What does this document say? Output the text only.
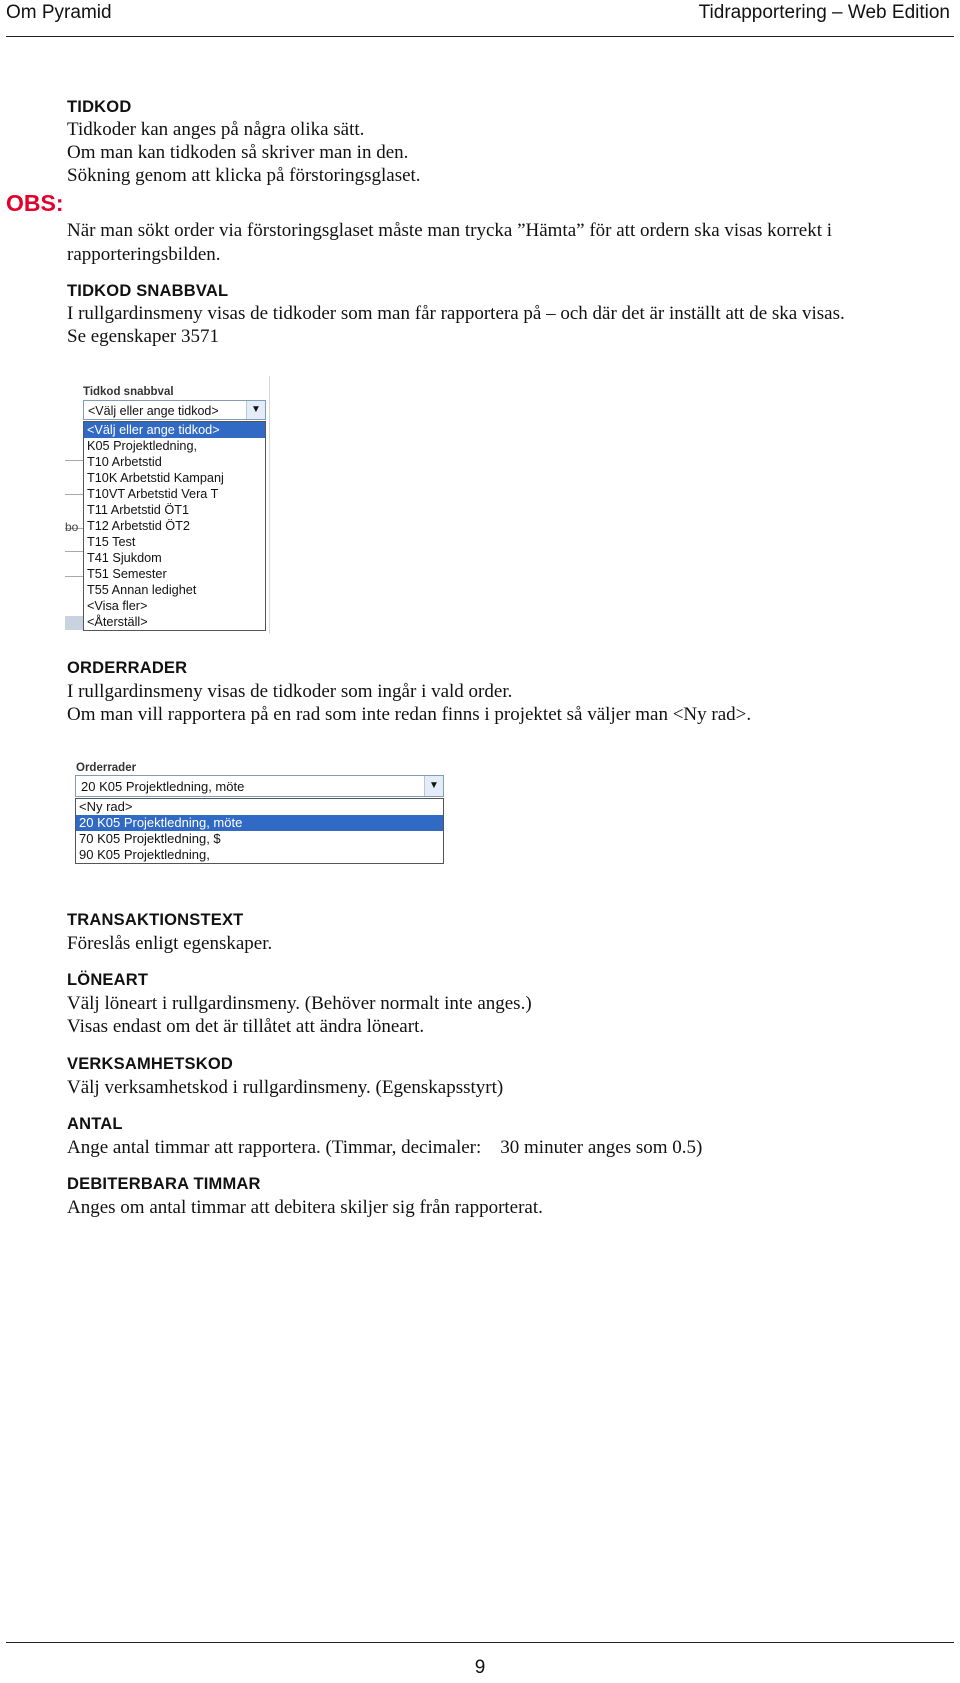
Om Pyramid	Tidrapportering – Web Edition
OBS:
TIDKOD
Tidkoder kan anges på några olika sätt.
Om man kan tidkoden så skriver man in den.
Sökning genom att klicka på förstoringsglaset.
När man sökt order via förstoringsglaset måste man trycka ”Hämta” för att ordern ska visas korrekt i
rapporteringsbilden.
TIDKOD SNABBVAL
I rullgardinsmeny visas de tidkoder som man får rapportera på – och där det är inställt att de ska visas.
Se egenskaper 3571
bo
Tidkod snabbval
<Välj eller ange tidkod>	▼
<Välj eller ange tidkod>
K05 Projektledning,
T10 Arbetstid
T10K Arbetstid Kampanj
T10VT Arbetstid Vera T
T11 Arbetstid ÖT1
T12 Arbetstid ÖT2
T15 Test
T41 Sjukdom
T51 Semester
T55 Annan ledighet
<Visa fler>
<Återställ>
ORDERRADER
I rullgardinsmeny visas de tidkoder som ingår i vald order.
Om man vill rapportera på en rad som inte redan finns i projektet så väljer man <Ny rad>.
Orderrader
20 K05 Projektledning, möte	▼
<Ny rad>
20 K05 Projektledning, möte
70 K05 Projektledning, $
90 K05 Projektledning,
TRANSAKTIONSTEXT
Föreslås enligt egenskaper.
LÖNEART
Välj löneart i rullgardinsmeny. (Behöver normalt inte anges.)
Visas endast om det är tillåtet att ändra löneart.
VERKSAMHETSKOD
Välj verksamhetskod i rullgardinsmeny. (Egenskapsstyrt)
ANTAL
Ange antal timmar att rapportera. (Timmar, decimaler:    30 minuter anges som 0.5)
DEBITERBARA TIMMAR
Anges om antal timmar att debitera skiljer sig från rapporterat.
9
